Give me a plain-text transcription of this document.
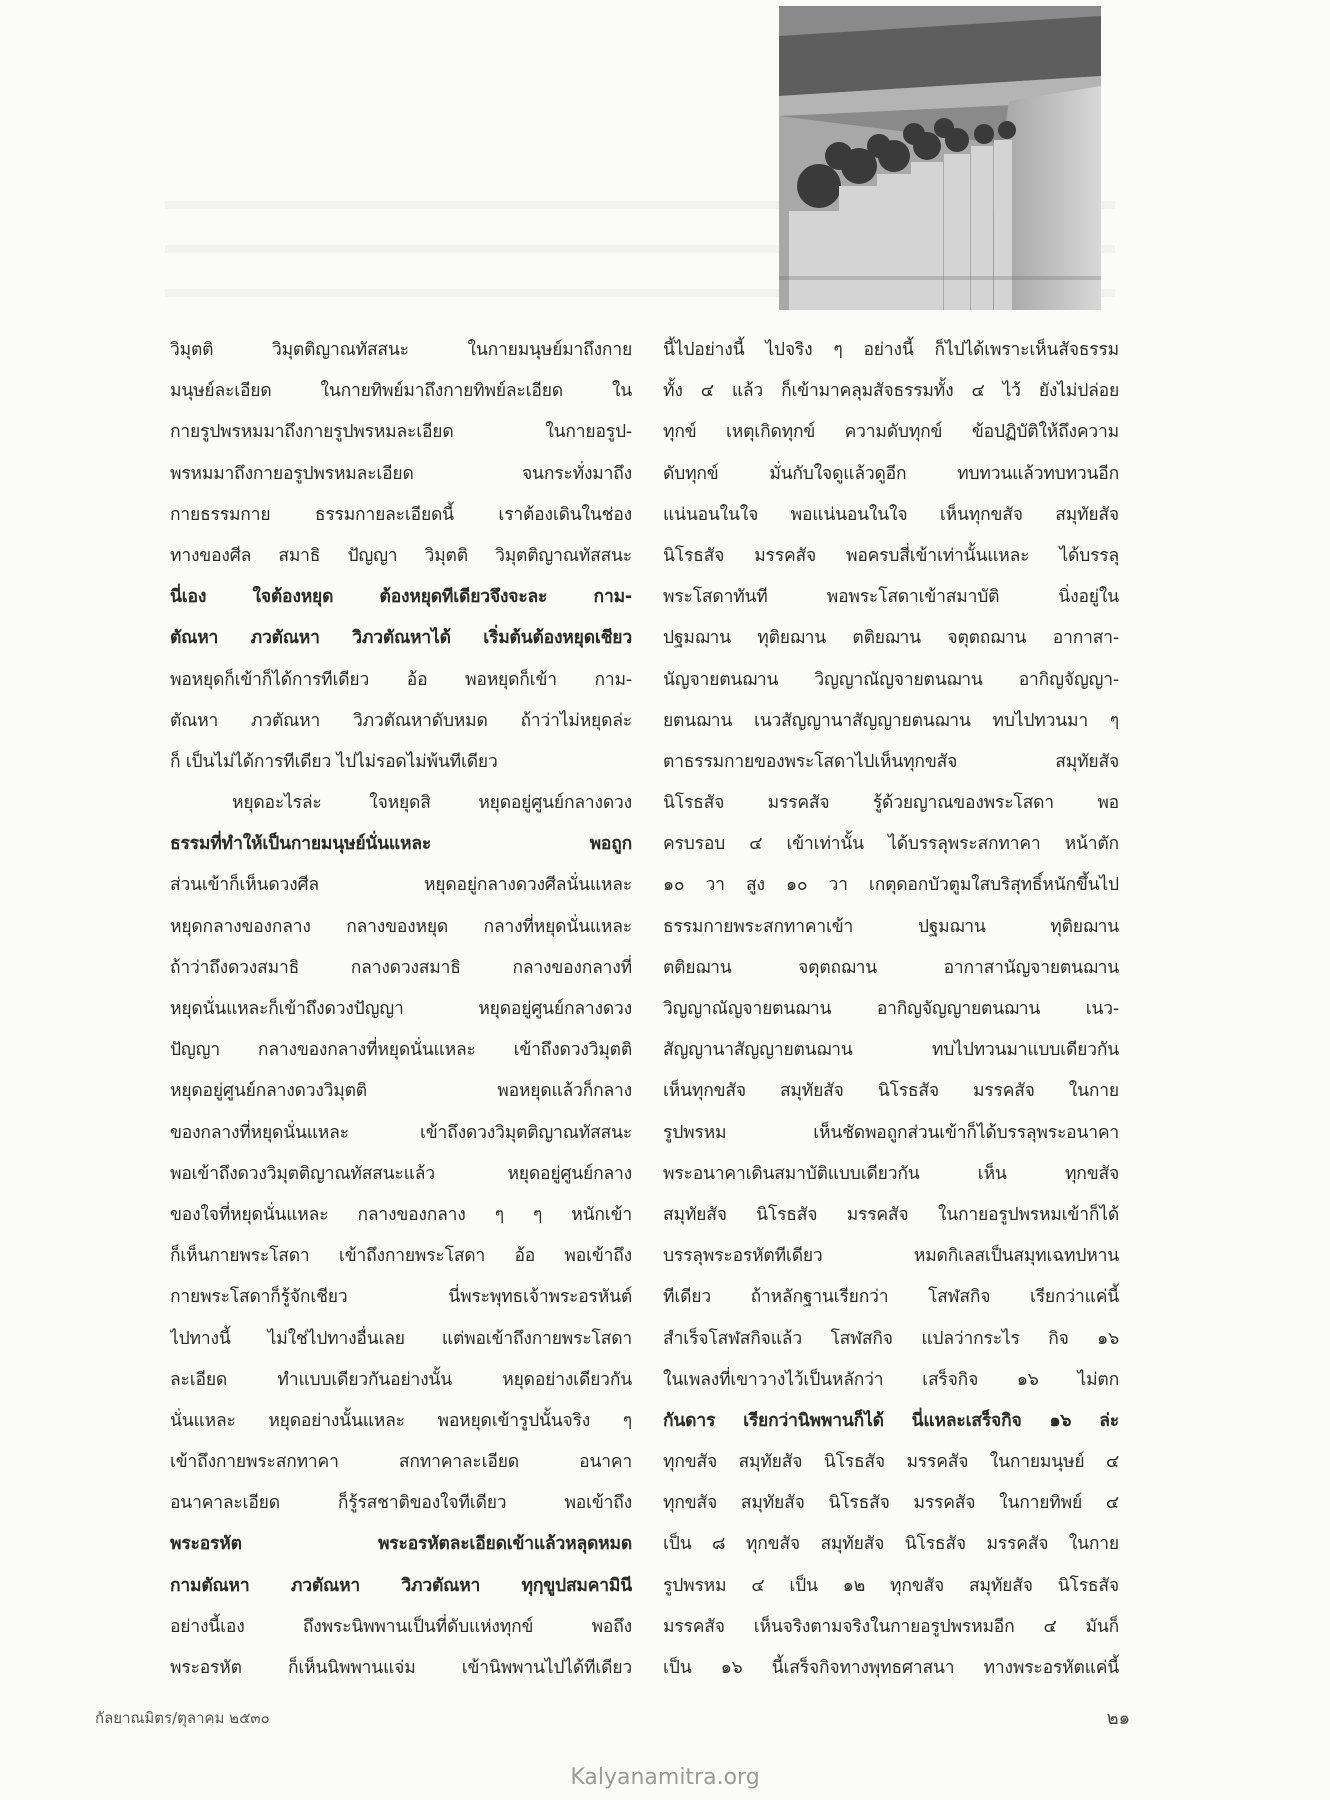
วิมุตติ	วิมุตติญาณทัสสนะ	ในกายมนุษย์มาถึงกาย
มนุษย์ละเอียด	ในกายทิพย์มาถึงกายทิพย์ละเอียด	ใน
กายรูปพรหมมาถึงกายรูปพรหมละเอียด	ในกายอรูป-
พรหมมาถึงกายอรูปพรหมละเอียด	จนกระทั่งมาถึง
กายธรรมกาย	ธรรมกายละเอียดนี้	เราต้องเดินในช่อง
ทางของศีล สมาธิ ปัญญา วิมุตติ วิมุตติญาณทัสสนะ
นี่เอง	ใจต้องหยุด	ต้องหยุดทีเดียวจึงจะละ	กาม-
ตัณหา ภวตัณหา วิภวตัณหาได้ เริ่มต้นต้องหยุดเชียว
พอหยุดก็เข้าก็ได้การทีเดียว อ้อ พอหยุดก็เข้า กาม-
ตัณหา ภวตัณหา วิภวตัณหาดับหมด ถ้าว่าไม่หยุดล่ะ
ก็ เป็นไม่ได้การทีเดียว ไปไม่รอดไม่พ้นทีเดียว
หยุดอะไรล่ะ	ใจหยุดสิ	หยุดอยู่ศูนย์กลางดวง
ธรรมที่ทำให้เป็นกายมนุษย์นั่นแหละ	พอถูก
ส่วนเข้าก็เห็นดวงศีล	หยุดอยู่กลางดวงศีลนั่นแหละ
หยุดกลางของกลาง กลางของหยุด กลางที่หยุดนั่นแหละ
ถ้าว่าถึงดวงสมาธิ	กลางดวงสมาธิ	กลางของกลางที่
หยุดนั่นแหละก็เข้าถึงดวงปัญญา	หยุดอยู่ศูนย์กลางดวง
ปัญญา กลางของกลางที่หยุดนั่นแหละ เข้าถึงดวงวิมุตติ
หยุดอยู่ศูนย์กลางดวงวิมุตติ	พอหยุดแล้วก็กลาง
ของกลางที่หยุดนั่นแหละ	เข้าถึงดวงวิมุตติญาณทัสสนะ
พอเข้าถึงดวงวิมุตติญาณทัสสนะแล้ว	หยุดอยู่ศูนย์กลาง
ของใจที่หยุดนั่นแหละ กลางของกลาง ๆ ๆ หนักเข้า
ก็เห็นกายพระโสดา เข้าถึงกายพระโสดา อ้อ พอเข้าถึง
กายพระโสดาก็รู้จักเชียว	นี่พระพุทธเจ้าพระอรหันต์
ไปทางนี้ ไม่ใช่ไปทางอื่นเลย แต่พอเข้าถึงกายพระโสดา
ละเอียด	ทำแบบเดียวกันอย่างนั้น	หยุดอย่างเดียวกัน
นั่นแหละ หยุดอย่างนั้นแหละ พอหยุดเข้ารูปนั้นจริง ๆ
เข้าถึงกายพระสกทาคา	สกทาคาละเอียด	อนาคา
อนาคาละเอียด	ก็รู้รสชาติของใจทีเดียว	พอเข้าถึง
พระอรหัต	พระอรหัตละเอียดเข้าแล้วหลุดหมด
กามตัณหา ภวตัณหา วิภวตัณหา ทุกฺขูปสมคามินี
อย่างนี้เอง	ถึงพระนิพพานเป็นที่ดับแห่งทุกข์	พอถึง
พระอรหัต	ก็เห็นนิพพานแจ่ม	เข้านิพพานไปได้ทีเดียว
นี้ไปอย่างนี้ ไปจริง ๆ อย่างนี้ ก็ไปได้เพราะเห็นสัจธรรม
ทั้ง ๔ แล้ว ก็เข้ามาคลุมสัจธรรมทั้ง ๔ ไว้ ยังไม่ปล่อย
ทุกข์ เหตุเกิดทุกข์ ความดับทุกข์ ข้อปฏิบัติให้ถึงความ
ดับทุกข์	มั่นกับใจดูแล้วดูอีก	ทบทวนแล้วทบทวนอีก
แน่นอนในใจ พอแน่นอนในใจ เห็นทุกขสัจ สมุทัยสัจ
นิโรธสัจ มรรคสัจ พอครบสี่เข้าเท่านั้นแหละ ได้บรรลุ
พระโสดาทันที	พอพระโสดาเข้าสมาบัติ	นิ่งอยู่ใน
ปฐมฌาน ทุติยฌาน ตติยฌาน จตุตถฌาน อากาสา-
นัญจายตนฌาน วิญญาณัญจายตนฌาน อากิญจัญญา-
ยตนฌาน เนวสัญญานาสัญญายตนฌาน ทบไปทวนมา ๆ
ตาธรรมกายของพระโสดาไปเห็นทุกขสัจ	สมุทัยสัจ
นิโรธสัจ มรรคสัจ รู้ด้วยญาณของพระโสดา พอ
ครบรอบ ๔ เข้าเท่านั้น ได้บรรลุพระสกทาคา หน้าตัก
๑๐ วา สูง ๑๐ วา เกตุดอกบัวตูมใสบริสุทธิ์หนักขึ้นไป
ธรรมกายพระสกทาคาเข้า	ปฐมฌาน	ทุติยฌาน
ตติยฌาน	จตุตถฌาน	อากาสานัญจายตนฌาน
วิญญาณัญจายตนฌาน	อากิญจัญญายตนฌาน	เนว-
สัญญานาสัญญายตนฌาน	ทบไปทวนมาแบบเดียวกัน
เห็นทุกขสัจ สมุทัยสัจ นิโรธสัจ มรรคสัจ ในกาย
รูปพรหม	เห็นชัดพอถูกส่วนเข้าก็ได้บรรลุพระอนาคา
พระอนาคาเดินสมาบัติแบบเดียวกัน	เห็น	ทุกขสัจ
สมุทัยสัจ นิโรธสัจ มรรคสัจ ในกายอรูปพรหมเข้าก็ได้
บรรลุพระอรหัตทีเดียว	หมดกิเลสเป็นสมุทเฉทปหาน
ทีเดียว ถ้าหลักฐานเรียกว่า โสฬสกิจ เรียกว่าแค่นี้
สำเร็จโสฬสกิจแล้ว โสฬสกิจ แปลว่ากระไร กิจ ๑๖
ในเพลงที่เขาวางไว้เป็นหลักว่า เสร็จกิจ ๑๖ ไม่ตก
กันดาร เรียกว่านิพพานก็ได้ นี่แหละเสร็จกิจ ๑๖ ล่ะ
ทุกขสัจ สมุทัยสัจ นิโรธสัจ มรรคสัจ ในกายมนุษย์ ๔
ทุกขสัจ สมุทัยสัจ นิโรธสัจ มรรคสัจ ในกายทิพย์ ๔
เป็น ๘ ทุกขสัจ สมุทัยสัจ นิโรธสัจ มรรคสัจ ในกาย
รูปพรหม ๔ เป็น ๑๒ ทุกขสัจ สมุทัยสัจ นิโรธสัจ
มรรคสัจ เห็นจริงตามจริงในกายอรูปพรหมอีก ๔ มันก็
เป็น ๑๖ นี้เสร็จกิจทางพุทธศาสนา ทางพระอรหัตแค่นี้
กัลยาณมิตร/ตุลาคม ๒๕๓๐	๒๑
Kalyanamitra.org
